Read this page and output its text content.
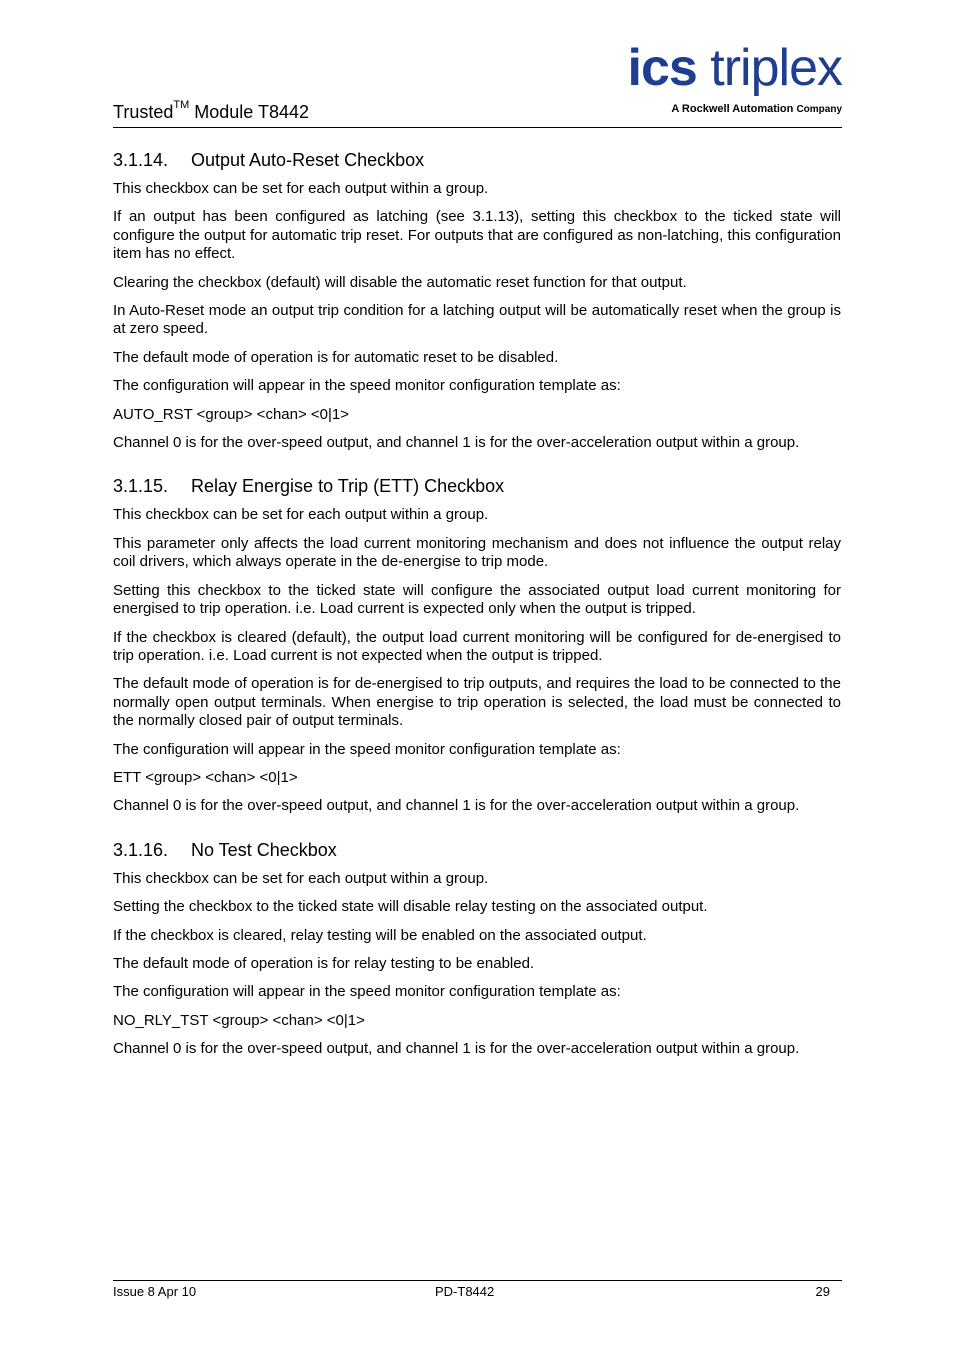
Trusted™ Module T8442
ics triplex
A Rockwell Automation Company
3.1.14.	Output Auto-Reset Checkbox

This checkbox can be set for each output within a group.

If an output has been configured as latching (see 3.1.13), setting this checkbox to the ticked state will configure the output for automatic trip reset. For outputs that are configured as non-latching, this configuration item has no effect.

Clearing the checkbox (default) will disable the automatic reset function for that output.

In Auto-Reset mode an output trip condition for a latching output will be automatically reset when the group is at zero speed.

The default mode of operation is for automatic reset to be disabled.

The configuration will appear in the speed monitor configuration template as:

AUTO_RST <group> <chan> <0|1>

Channel 0 is for the over-speed output, and channel 1 is for the over-acceleration output within a group.

3.1.15.	Relay Energise to Trip (ETT) Checkbox

This checkbox can be set for each output within a group.

This parameter only affects the load current monitoring mechanism and does not influence the output relay coil drivers, which always operate in the de-energise to trip mode.

Setting this checkbox to the ticked state will configure the associated output load current monitoring for energised to trip operation. i.e. Load current is expected only when the output is tripped.

If the checkbox is cleared (default), the output load current monitoring will be configured for de-energised to trip operation. i.e. Load current is not expected when the output is tripped.

The default mode of operation is for de-energised to trip outputs, and requires the load to be connected to the normally open output terminals. When energise to trip operation is selected, the load must be connected to the normally closed pair of output terminals.

The configuration will appear in the speed monitor configuration template as:

ETT <group> <chan> <0|1>

Channel 0 is for the over-speed output, and channel 1 is for the over-acceleration output within a group.

3.1.16.	No Test Checkbox

This checkbox can be set for each output within a group.

Setting the checkbox to the ticked state will disable relay testing on the associated output.

If the checkbox is cleared, relay testing will be enabled on the associated output.

The default mode of operation is for relay testing to be enabled.

The configuration will appear in the speed monitor configuration template as:

NO_RLY_TST <group> <chan> <0|1>

Channel 0 is for the over-speed output, and channel 1 is for the over-acceleration output within a group.

Issue 8 Apr 10	PD-T8442	29
